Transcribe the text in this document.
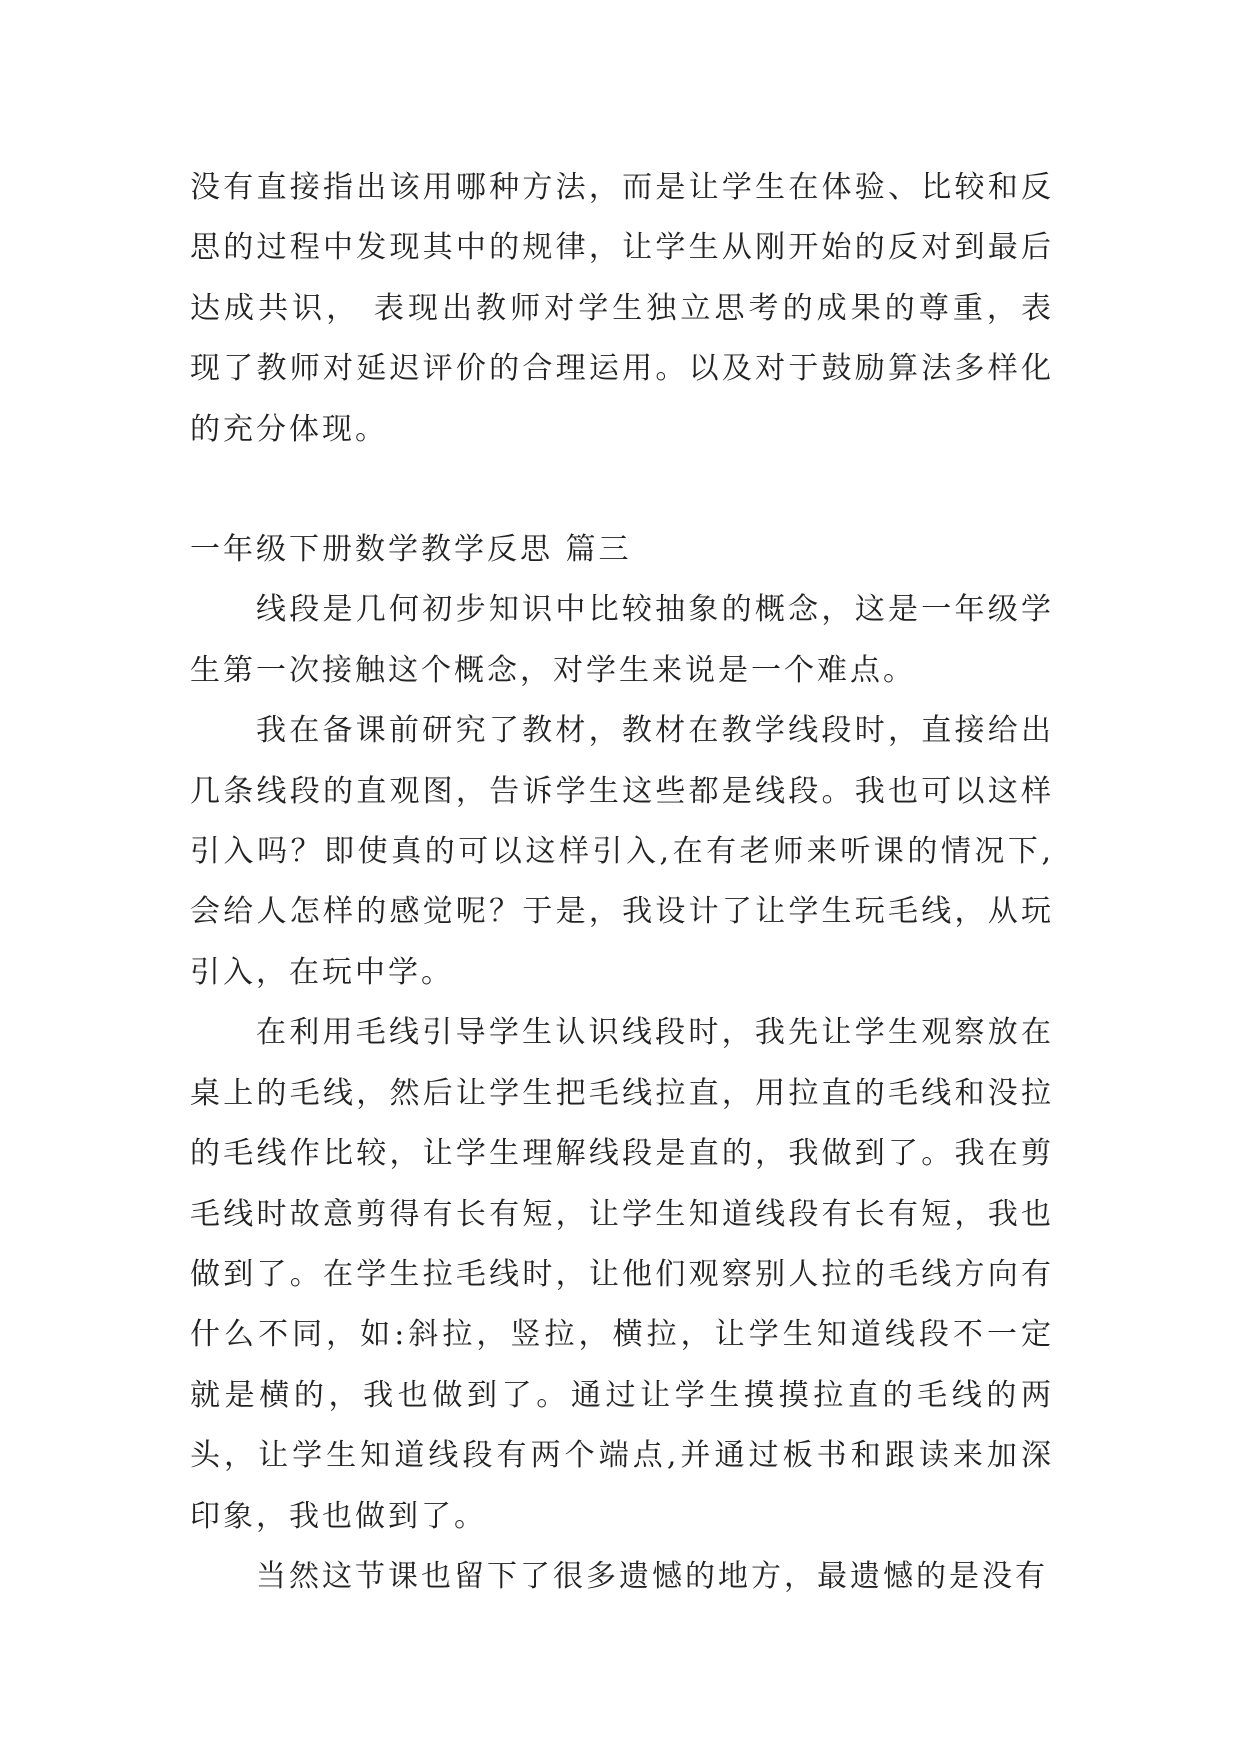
没有直接指出该用哪种方法，而是让学生在体验、比较和反思的过程中发现其中的规律，让学生从刚开始的反对到最后达成共识， 表现出教师对学生独立思考的成果的尊重，表现了教师对延迟评价的合理运用。以及对于鼓励算法多样化的充分体现。

一年级下册数学教学反思 篇三

线段是几何初步知识中比较抽象的概念，这是一年级学生第一次接触这个概念，对学生来说是一个难点。

我在备课前研究了教材，教材在教学线段时，直接给出几条线段的直观图，告诉学生这些都是线段。我也可以这样引入吗？即使真的可以这样引入,在有老师来听课的情况下,会给人怎样的感觉呢？于是，我设计了让学生玩毛线，从玩引入，在玩中学。

在利用毛线引导学生认识线段时，我先让学生观察放在桌上的毛线，然后让学生把毛线拉直，用拉直的毛线和没拉的毛线作比较，让学生理解线段是直的，我做到了。我在剪毛线时故意剪得有长有短，让学生知道线段有长有短，我也做到了。在学生拉毛线时，让他们观察别人拉的毛线方向有什么不同，如:斜拉，竖拉，横拉，让学生知道线段不一定就是横的，我也做到了。通过让学生摸摸拉直的毛线的两头，让学生知道线段有两个端点,并通过板书和跟读来加深印象，我也做到了。

当然这节课也留下了很多遗憾的地方，最遗憾的是没有
